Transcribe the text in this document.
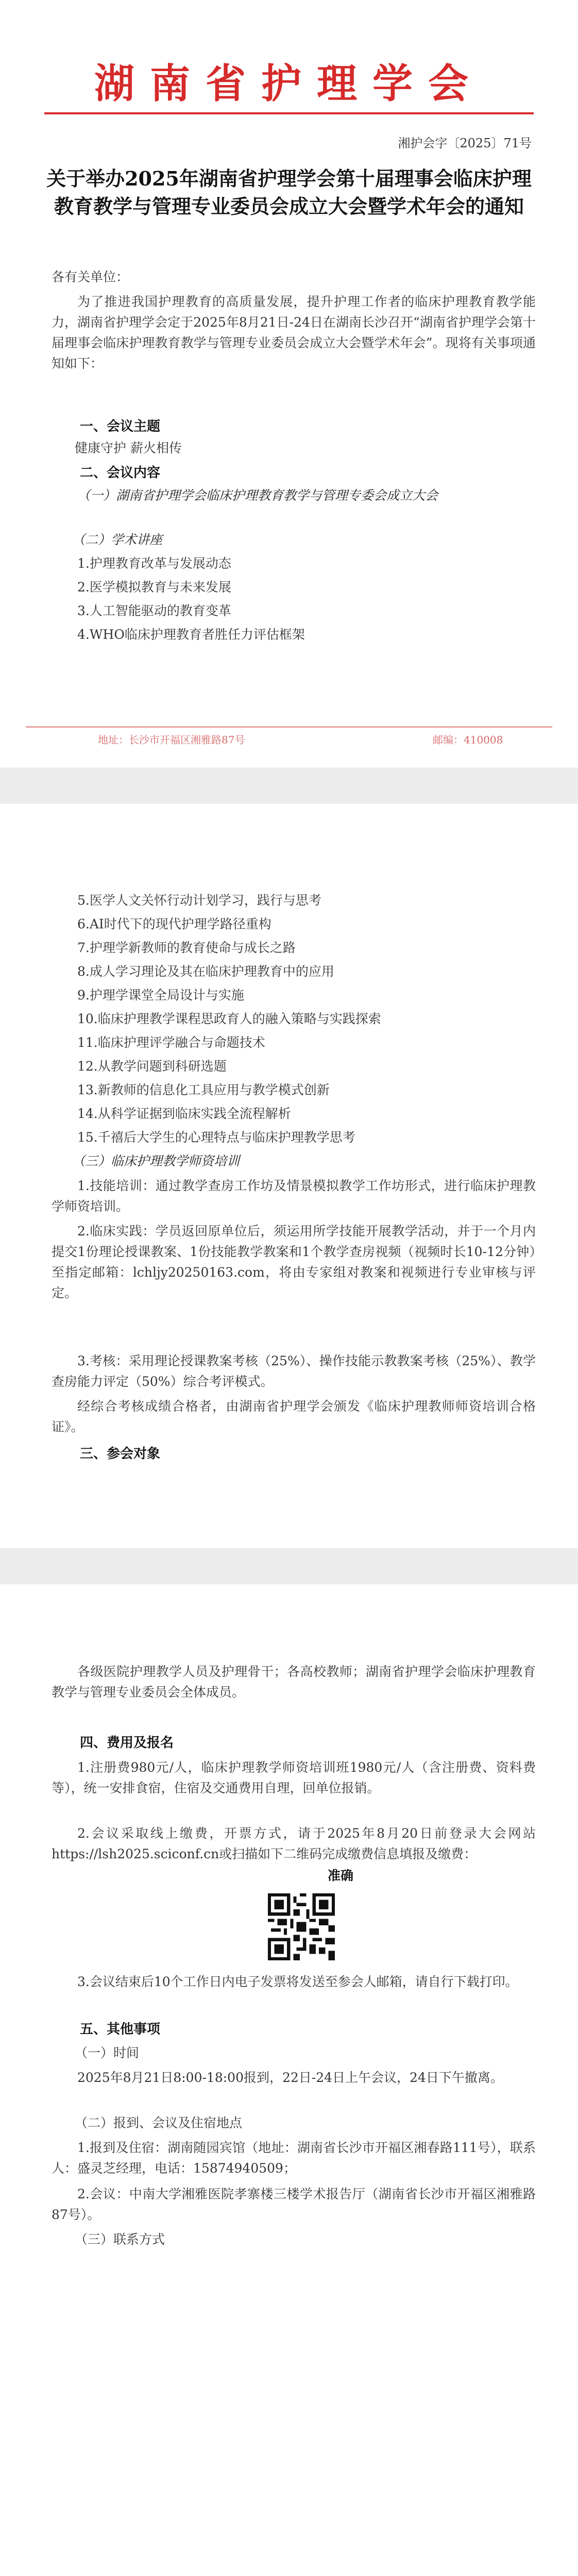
湖南省护理学会
湘护会字〔2025〕71号
关于举办2025年湖南省护理学会第十届理事会临床护理教育教学与管理专业委员会成立大会暨学术年会的通知
各有关单位：
为了推进我国护理教育的高质量发展，提升护理工作者的临床护理教育教学能力，湖南省护理学会定于2025年8月21日-24日在湖南长沙召开“湖南省护理学会第十届理事会临床护理教育教学与管理专业委员会成立大会暨学术年会”。现将有关事项通知如下：
一、会议主题
健康守护 薪火相传
二、会议内容
（一）湖南省护理学会临床护理教育教学与管理专委会成立大会
（二）学术讲座
1.护理教育改革与发展动态
2.医学模拟教育与未来发展
3.人工智能驱动的教育变革
4.WHO临床护理教育者胜任力评估框架
地址：长沙市开福区湘雅路87号	邮编：410008
5.医学人文关怀行动计划学习，践行与思考
6.AI时代下的现代护理学路径重构
7.护理学新教师的教育使命与成长之路
8.成人学习理论及其在临床护理教育中的应用
9.护理学课堂全局设计与实施
10.临床护理教学课程思政育人的融入策略与实践探索
11.临床护理评学融合与命题技术
12.从教学问题到科研选题
13.新教师的信息化工具应用与教学模式创新
14.从科学证据到临床实践全流程解析
15.千禧后大学生的心理特点与临床护理教学思考
（三）临床护理教学师资培训
1.技能培训：通过教学查房工作坊及情景模拟教学工作坊形式，进行临床护理教学师资培训。
2.临床实践：学员返回原单位后，须运用所学技能开展教学活动，并于一个月内提交1份理论授课教案、1份技能教学教案和1个教学查房视频（视频时长10-12分钟）至指定邮箱：lchljy20250163.com，将由专家组对教案和视频进行专业审核与评定。
3.考核：采用理论授课教案考核（25%）、操作技能示教教案考核（25%）、教学查房能力评定（50%）综合考评模式。
经综合考核成绩合格者，由湖南省护理学会颁发《临床护理教师师资培训合格证》。
三、参会对象
各级医院护理教学人员及护理骨干；各高校教师；湖南省护理学会临床护理教育教学与管理专业委员会全体成员。
四、费用及报名
1.注册费980元/人，临床护理教学师资培训班1980元/人（含注册费、资料费等），统一安排食宿，住宿及交通费用自理，回单位报销。
2.会议采取线上缴费，开票方式，请于2025年8月20日前登录大会网站https://lsh2025.sciconf.cn或扫描如下二维码完成缴费信息填报及缴费：
准确
3.会议结束后10个工作日内电子发票将发送至参会人邮箱，请自行下载打印。
五、其他事项
（一）时间
2025年8月21日8:00-18:00报到，22日-24日上午会议，24日下午撤离。
（二）报到、会议及住宿地点
1.报到及住宿：湖南随园宾馆（地址：湖南省长沙市开福区湘春路111号），联系人：盛灵芝经理，电话：15874940509；
2.会议：中南大学湘雅医院孝寨楼三楼学术报告厅（湖南省长沙市开福区湘雅路87号）。
（三）联系方式
